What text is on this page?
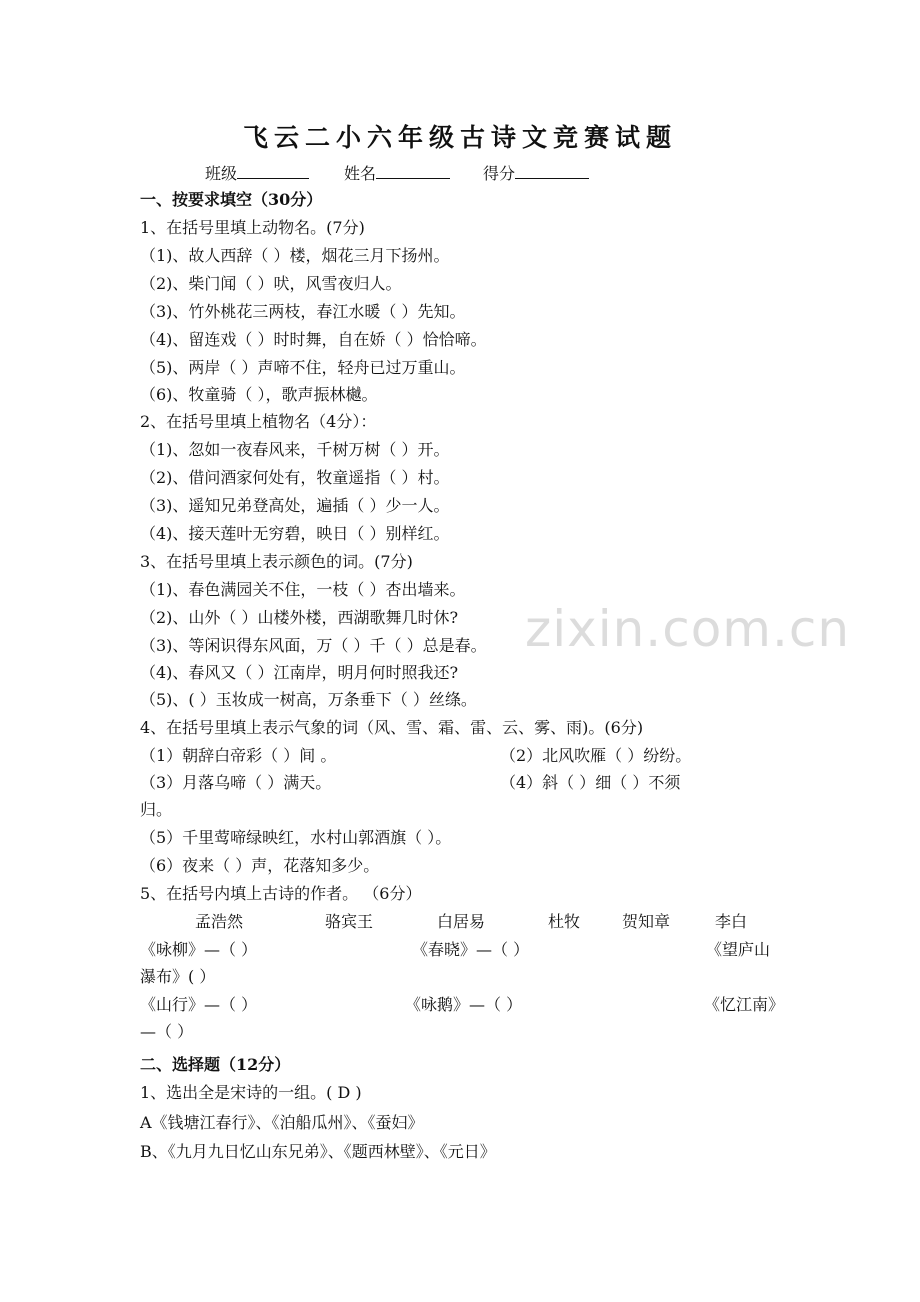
飞云二小六年级古诗文竞赛试题
班级	姓名	得分
一、按要求填空（30分）
1、在括号里填上动物名。(7分)
（1)、故人西辞（ ）楼，烟花三月下扬州。
（2)、柴门闻（ ）吠，风雪夜归人。
（3)、竹外桃花三两枝，春江水暖（ ）先知。
（4)、留连戏（ ）时时舞，自在娇（ ）恰恰啼。
（5)、两岸（ ）声啼不住，轻舟已过万重山。
（6)、牧童骑（ ），歌声振林樾。
2、在括号里填上植物名（4分）：
（1)、忽如一夜春风来，千树万树（ ）开。
（2)、借问酒家何处有，牧童遥指（ ）村。
（3)、遥知兄弟登高处，遍插（ ）少一人。
（4)、接天莲叶无穷碧，映日（ ）别样红。
3、在括号里填上表示颜色的词。(7分)
（1)、春色满园关不住，一枝（ ）杏出墙来。
（2)、山外（ ）山楼外楼，西湖歌舞几时休?
（3)、等闲识得东风面，万（ ）千（ ）总是春。
（4)、春风又（ ）江南岸，明月何时照我还?
（5)、( ）玉妆成一树高，万条垂下（ ）丝绦。
4、在括号里填上表示气象的词（风、雪、霜、雷、云、雾、雨)。(6分)
（1）朝辞白帝彩（ ）间 。	（2）北风吹雁（ ）纷纷。
（3）月落乌啼（ ）满天。	（4）斜（ ）细（ ）不须
归。
（5）千里莺啼绿映红，水村山郭酒旗（ ）。
（6）夜来（ ）声，花落知多少。
5、在括号内填上古诗的作者。 （6分）
孟浩然	骆宾王	白居易	杜牧	贺知章	李白
《咏柳》—（ ）	《春晓》—（ ）	《望庐山
瀑布》( ）
《山行》—（ ）	《咏鹅》—（ ）	《忆江南》
—（ ）
二、选择题（12分）
1、选出全是宋诗的一组。( D )
A《钱塘江春行》、《泊船瓜州》、《蚕妇》
B、《九月九日忆山东兄弟》、《题西林壁》、《元日》
zixin.com.cn
